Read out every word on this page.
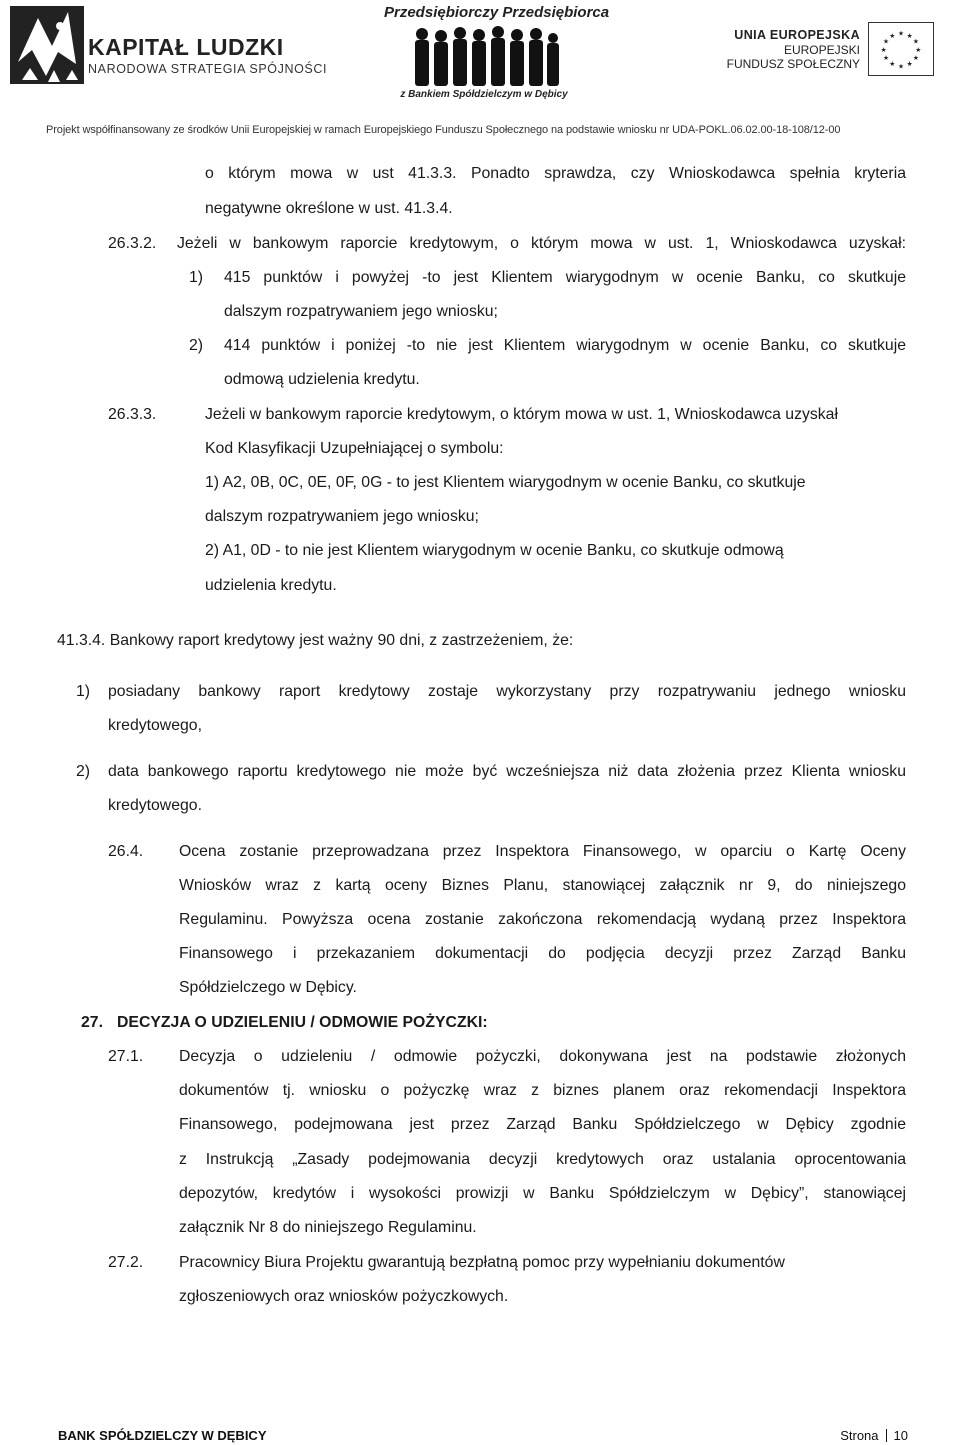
KAPITAŁ LUDZKI
NARODOWA STRATEGIA SPÓJNOŚCI
Przedsiębiorczy Przedsiębiorca
z Bankiem Spółdzielczym w Dębicy
UNIA EUROPEJSKA
EUROPEJSKI
FUNDUSZ SPOŁECZNY
★ ★
★
★
★
★
★
★
★
★
★
★
Projekt współfinansowany ze środków Unii Europejskiej w ramach Europejskiego Funduszu Społecznego na podstawie wniosku nr UDA-POKL.06.02.00-18-108/12-00
o którym mowa w ust 41.3.3. Ponadto sprawdza, czy Wnioskodawca spełnia kryteria
negatywne określone w ust. 41.3.4.
26.3.2. Jeżeli w bankowym raporcie kredytowym, o którym mowa w ust. 1, Wnioskodawca uzyskał:
1) 415 punktów i powyżej -to jest Klientem wiarygodnym w ocenie Banku, co skutkuje
dalszym rozpatrywaniem jego wniosku;
2) 414 punktów i poniżej -to nie jest Klientem wiarygodnym w ocenie Banku, co skutkuje
odmową udzielenia kredytu.
26.3.3.	Jeżeli w bankowym raporcie kredytowym, o którym mowa w ust. 1, Wnioskodawca uzyskał
Kod Klasyfikacji Uzupełniającej o symbolu:
1) A2, 0B, 0C, 0E, 0F, 0G - to jest Klientem wiarygodnym w ocenie Banku, co skutkuje
dalszym rozpatrywaniem jego wniosku;
2) A1, 0D - to nie jest Klientem wiarygodnym w ocenie Banku, co skutkuje odmową
udzielenia kredytu.
41.3.4. Bankowy raport kredytowy jest ważny 90 dni, z zastrzeżeniem, że:
1) posiadany bankowy raport kredytowy zostaje wykorzystany przy rozpatrywaniu jednego wniosku
kredytowego,
2) data bankowego raportu kredytowego nie może być wcześniejsza niż data złożenia przez Klienta wniosku
kredytowego.
26.4. Ocena zostanie przeprowadzana przez Inspektora Finansowego, w oparciu o Kartę Oceny
Wniosków wraz z kartą oceny Biznes Planu, stanowiącej załącznik nr 9, do niniejszego
Regulaminu. Powyższa ocena zostanie zakończona rekomendacją wydaną przez Inspektora
Finansowego i przekazaniem dokumentacji do podjęcia decyzji przez Zarząd Banku
Spółdzielczego w Dębicy.
27. DECYZJA O UDZIELENIU / ODMOWIE POŻYCZKI:
27.1. Decyzja o udzieleniu / odmowie pożyczki, dokonywana jest na podstawie złożonych
dokumentów tj. wniosku o pożyczkę wraz z biznes planem oraz rekomendacji Inspektora
Finansowego, podejmowana jest przez Zarząd Banku Spółdzielczego w Dębicy zgodnie
z Instrukcją „Zasady podejmowania decyzji kredytowych oraz ustalania oprocentowania
depozytów, kredytów i wysokości prowizji w Banku Spółdzielczym w Dębicy”, stanowiącej
załącznik Nr 8 do niniejszego Regulaminu.
27.2. Pracownicy Biura Projektu gwarantują bezpłatną pomoc przy wypełnianiu dokumentów
zgłoszeniowych oraz wniosków pożyczkowych.
BANK SPÓŁDZIELCZY W DĘBICY	Strona 10
